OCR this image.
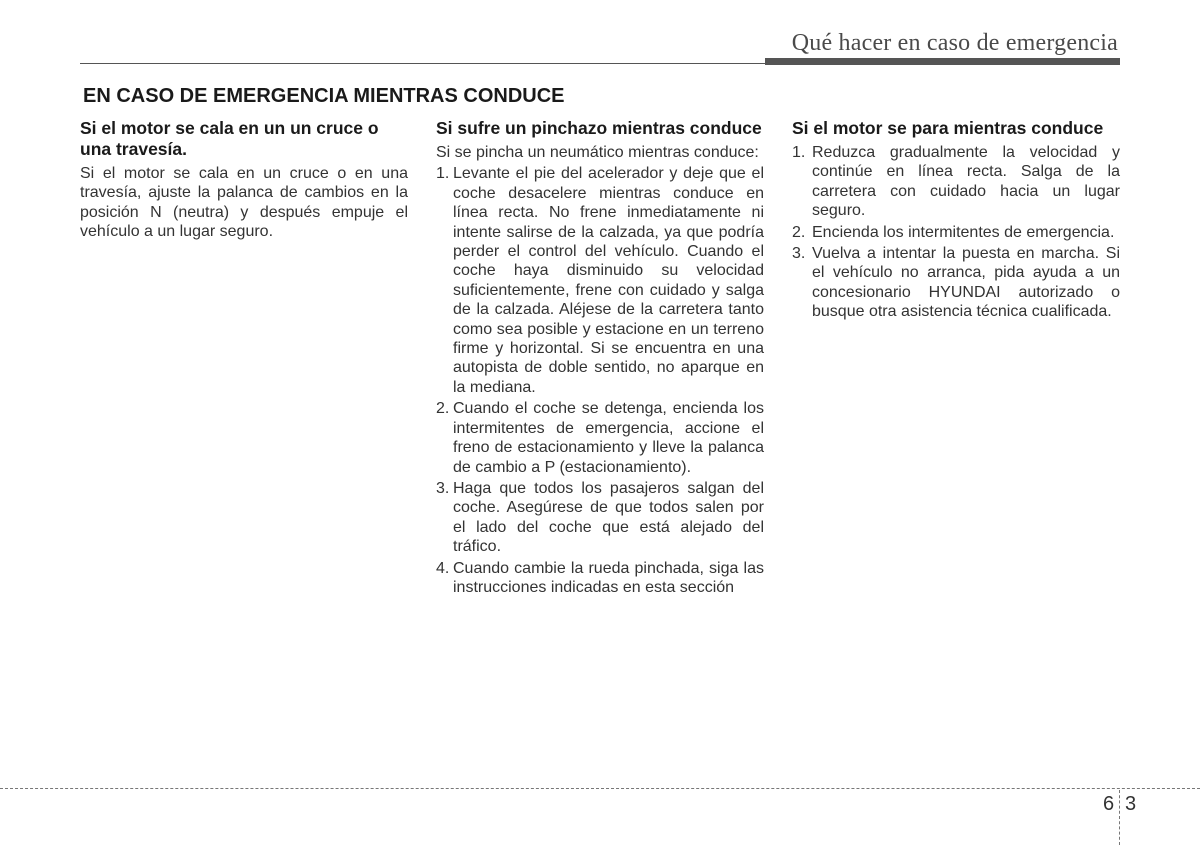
Qué hacer en caso de emergencia
EN CASO DE EMERGENCIA MIENTRAS CONDUCE
Si el motor se cala en un un cruce o una travesía.

Si el motor se cala en un cruce o en una travesía, ajuste la palanca de cambios en la posición N (neutra) y después empuje el vehículo a un lugar seguro.

Si sufre un pinchazo mientras conduce

Si se pincha un neumático mientras conduce:

1. Levante el pie del acelerador y deje que el coche desacelere mientras conduce en línea recta. No frene inmediatamente ni intente salirse de la calzada, ya que podría perder el control del vehículo. Cuando el coche haya disminuido su velocidad suficientemente, frene con cuidado y salga de la calzada. Aléjese de la carretera tanto como sea posible y estacione en un terreno firme y horizontal. Si se encuentra en una autopista de doble sentido, no aparque en la mediana.
2. Cuando el coche se detenga, encienda los intermitentes de emergencia, accione el freno de estacionamiento y lleve la palanca de cambio a P (estacionamiento).
3. Haga que todos los pasajeros salgan del coche. Asegúrese de que todos salen por el lado del coche que está alejado del tráfico.
4. Cuando cambie la rueda pinchada, siga las instrucciones indicadas en esta sección
Si el motor se para mientras conduce
1. Reduzca gradualmente la velocidad y continúe en línea recta. Salga de la carretera con cuidado hacia un lugar seguro.
2. Encienda los intermitentes de emergencia.
3. Vuelva a intentar la puesta en marcha. Si el vehículo no arranca, pida ayuda a un concesionario HYUNDAI autorizado o busque otra asistencia técnica cualificada.
6 3
